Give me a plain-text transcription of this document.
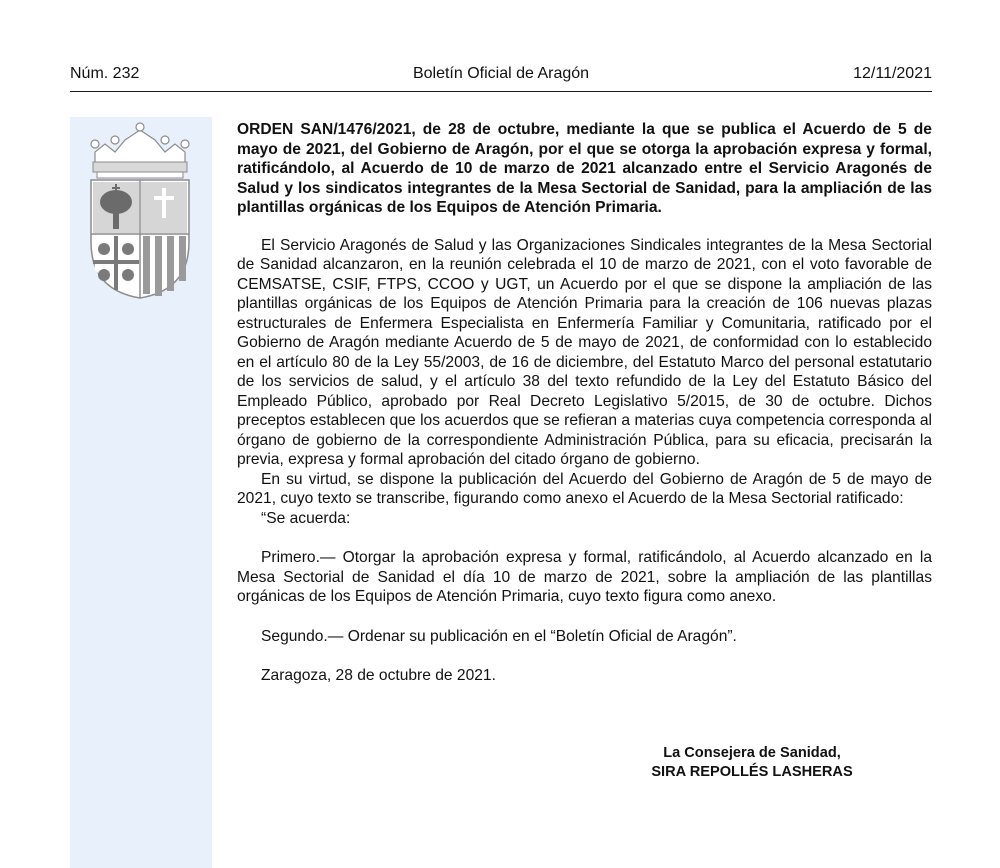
Núm. 232	Boletín Oficial de Aragón	12/11/2021

ORDEN SAN/1476/2021, de 28 de octubre, mediante la que se publica el Acuerdo de 5 de mayo de 2021, del Gobierno de Aragón, por el que se otorga la aprobación expresa y formal, ratificándolo, al Acuerdo de 10 de marzo de 2021 alcanzado entre el Servicio Aragonés de Salud y los sindicatos integrantes de la Mesa Sectorial de Sanidad, para la ampliación de las plantillas orgánicas de los Equipos de Atención Primaria.

El Servicio Aragonés de Salud y las Organizaciones Sindicales integrantes de la Mesa Sectorial de Sanidad alcanzaron, en la reunión celebrada el 10 de marzo de 2021, con el voto favorable de CEMSATSE, CSIF, FTPS, CCOO y UGT, un Acuerdo por el que se dispone la ampliación de las plantillas orgánicas de los Equipos de Atención Primaria para la creación de 106 nuevas plazas estructurales de Enfermera Especialista en Enfermería Familiar y Comunitaria, ratificado por el Gobierno de Aragón mediante Acuerdo de 5 de mayo de 2021, de conformidad con lo establecido en el artículo 80 de la Ley 55/2003, de 16 de diciembre, del Estatuto Marco del personal estatutario de los servicios de salud, y el artículo 38 del texto refundido de la Ley del Estatuto Básico del Empleado Público, aprobado por Real Decreto Legislativo 5/2015, de 30 de octubre. Dichos preceptos establecen que los acuerdos que se refieran a materias cuya competencia corresponda al órgano de gobierno de la correspondiente Administración Pública, para su eficacia, precisarán la previa, expresa y formal aprobación del citado órgano de gobierno.

En su virtud, se dispone la publicación del Acuerdo del Gobierno de Aragón de 5 de mayo de 2021, cuyo texto se transcribe, figurando como anexo el Acuerdo de la Mesa Sectorial ratificado:

“Se acuerda:

Primero.— Otorgar la aprobación expresa y formal, ratificándolo, al Acuerdo alcanzado en la Mesa Sectorial de Sanidad el día 10 de marzo de 2021, sobre la ampliación de las plantillas orgánicas de los Equipos de Atención Primaria, cuyo texto figura como anexo.

Segundo.— Ordenar su publicación en el “Boletín Oficial de Aragón”.

Zaragoza, 28 de octubre de 2021.

La Consejera de Sanidad,
SIRA REPOLLÉS LASHERAS
